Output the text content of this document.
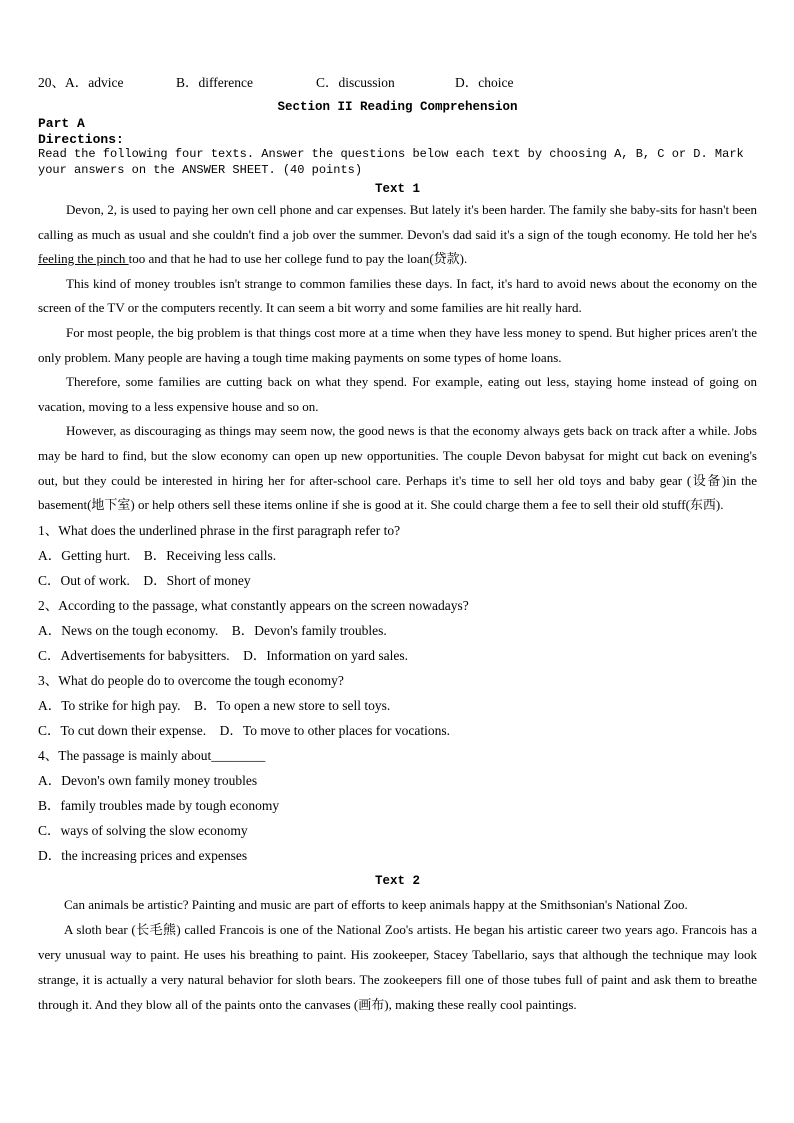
20、A．advice	B．difference	C．discussion	D．choice
Section II Reading Comprehension
Part A
Directions:
Read the following four texts. Answer the questions below each text by choosing A, B, C or D. Mark
your answers on the ANSWER SHEET. (40 points)
Text 1

Devon, 2, is used to paying her own cell phone and car expenses. But lately it's been harder. The family she baby-sits for hasn't been calling as much as usual and she couldn't find a job over the summer. Devon's dad said it's a sign of the tough economy. He told her he's feeling the pinch too and that he had to use her college fund to pay the loan(贷款).

This kind of money troubles isn't strange to common families these days. In fact, it's hard to avoid news about the economy on the screen of the TV or the computers recently. It can seem a bit worry and some families are hit really hard.

For most people, the big problem is that things cost more at a time when they have less money to spend. But higher prices aren't the only problem. Many people are having a tough time making payments on some types of home loans.

Therefore, some families are cutting back on what they spend. For example, eating out less, staying home instead of going on vacation, moving to a less expensive house and so on.

However, as discouraging as things may seem now, the good news is that the economy always gets back on track after a while. Jobs may be hard to find, but the slow economy can open up new opportunities. The couple Devon babysat for might cut back on evening's out, but they could be interested in hiring her for after-school care. Perhaps it's time to sell her old toys and baby gear (设备)in the basement(地下室) or help others sell these items online if she is good at it. She could charge them a fee to sell their old stuff(东西).

1、What does the underlined phrase in the first paragraph refer to?
A．Getting hurt.    B．Receiving less calls.
C．Out of work.    D．Short of money
2、According to the passage, what constantly appears on the screen nowadays?
A．News on the tough economy.    B．Devon's family troubles.
C．Advertisements for babysitters.    D．Information on yard sales.
3、What do people do to overcome the tough economy?
A．To strike for high pay.    B．To open a new store to sell toys.
C．To cut down their expense.    D．To move to other places for vocations.
4、The passage is mainly about________
A．Devon's own family money troubles
B．family troubles made by tough economy
C．ways of solving the slow economy
D．the increasing prices and expenses
Text 2

Can animals be artistic? Painting and music are part of efforts to keep animals happy at the Smithsonian's National Zoo.

A sloth bear (长毛熊) called Francois is one of the National Zoo's artists. He began his artistic career two years ago. Francois has a very unusual way to paint. He uses his breathing to paint. His zookeeper, Stacey Tabellario, says that although the technique may look strange, it is actually a very natural behavior for sloth bears. The zookeepers fill one of those tubes full of paint and ask them to breathe through it. And they blow all of the paints onto the canvases (画布), making these really cool paintings.
